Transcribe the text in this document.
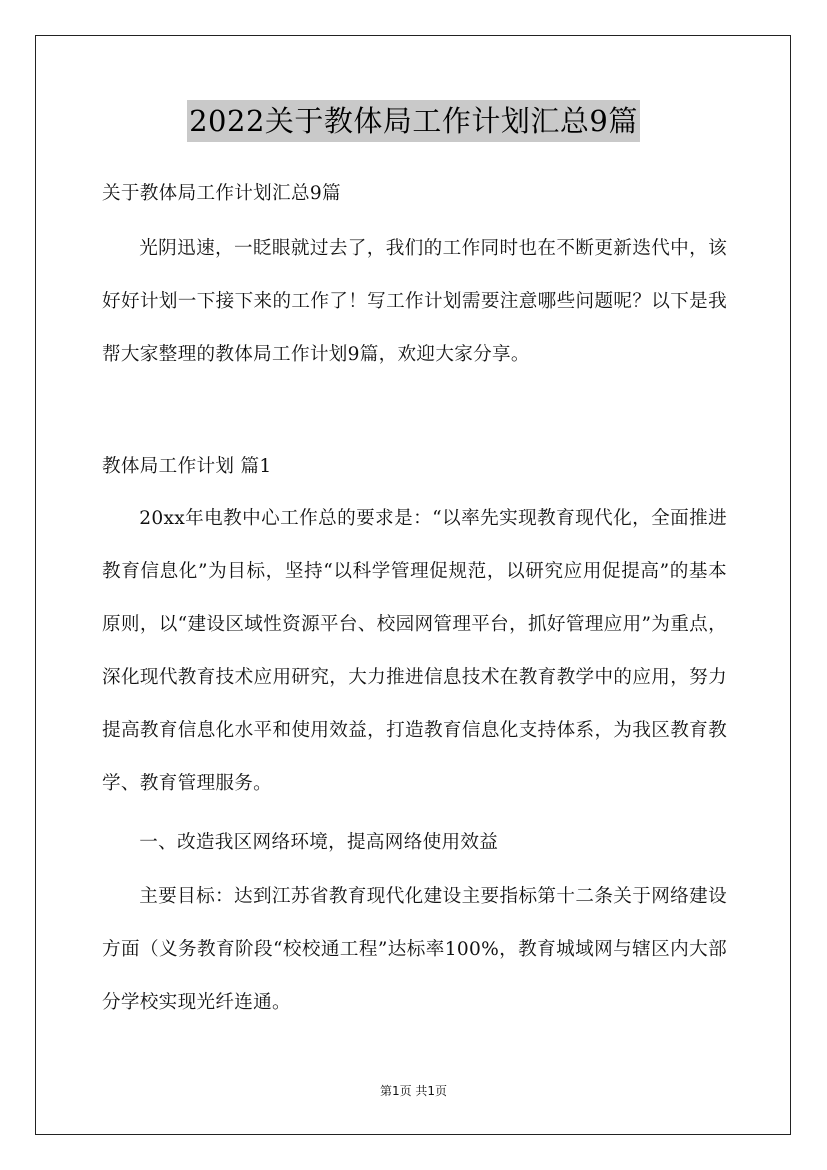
2022关于教体局工作计划汇总9篇
关于教体局工作计划汇总9篇

光阴迅速，一眨眼就过去了，我们的工作同时也在不断更新迭代中，该好好计划一下接下来的工作了！写工作计划需要注意哪些问题呢？以下是我帮大家整理的教体局工作计划9篇，欢迎大家分享。

教体局工作计划 篇1

20xx年电教中心工作总的要求是：“以率先实现教育现代化，全面推进教育信息化”为目标，坚持“以科学管理促规范，以研究应用促提高”的基本原则，以“建设区域性资源平台、校园网管理平台，抓好管理应用”为重点，深化现代教育技术应用研究，大力推进信息技术在教育教学中的应用，努力提高教育信息化水平和使用效益，打造教育信息化支持体系，为我区教育教学、教育管理服务。

一、改造我区网络环境，提高网络使用效益

主要目标：达到江苏省教育现代化建设主要指标第十二条关于网络建设方面（义务教育阶段“校校通工程”达标率100%，教育城域网与辖区内大部分学校实现光纤连通。

第1页 共1页
